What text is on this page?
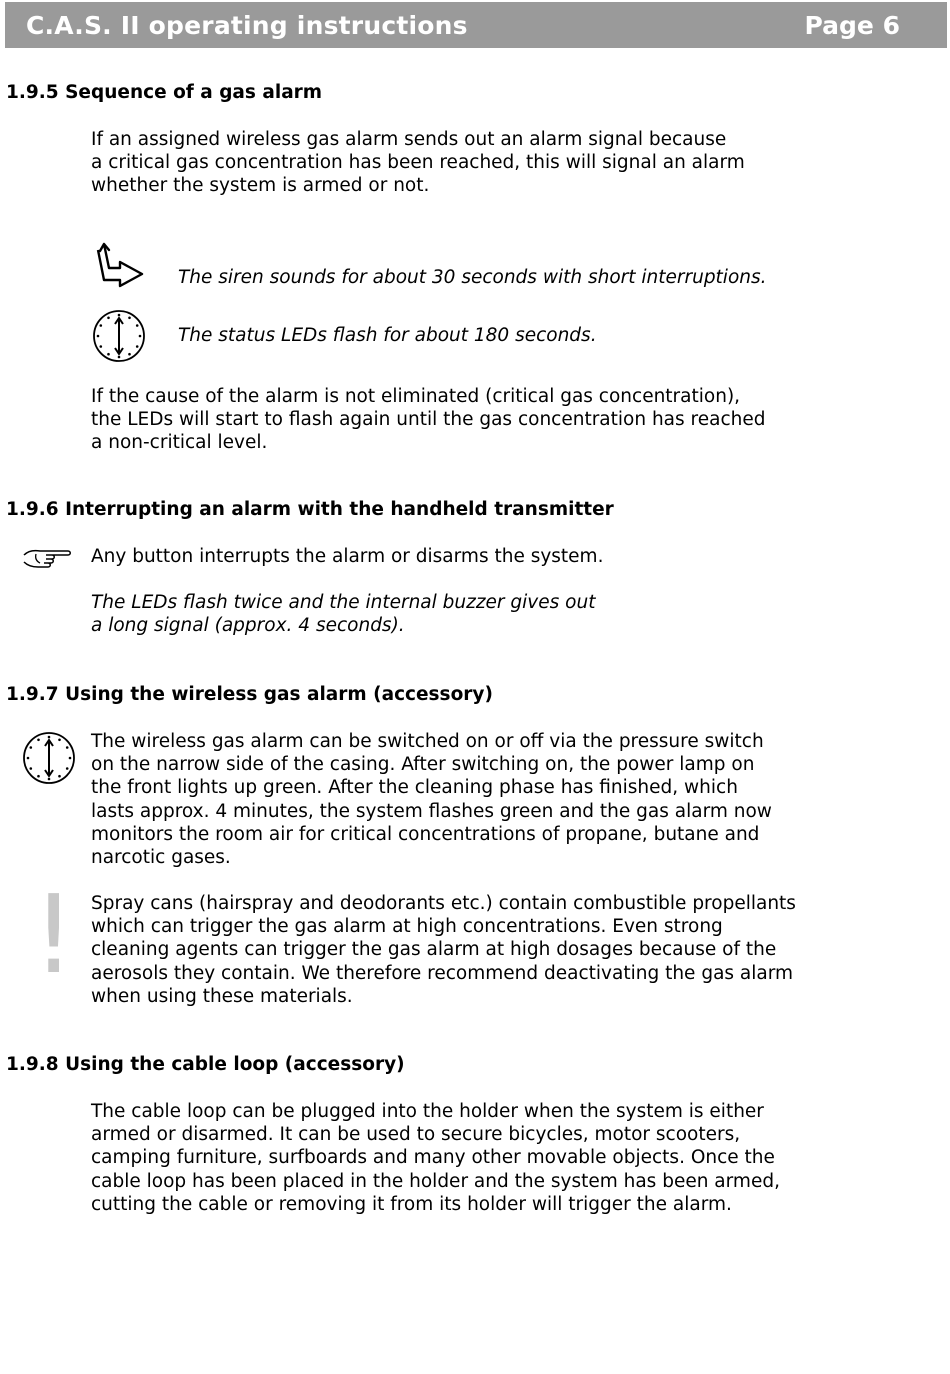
C.A.S. II operating instructions	Page 6
1.9.5 Sequence of a gas alarm
If an assigned wireless gas alarm sends out an alarm signal because
a critical gas concentration has been reached, this will signal an alarm
whether the system is armed or not.
The siren sounds for about 30 seconds with short interruptions.
The status LEDs flash for about 180 seconds.
If the cause of the alarm is not eliminated (critical gas concentration),
the LEDs will start to flash again until the gas concentration has reached
a non-critical level.
1.9.6 Interrupting an alarm with the handheld transmitter
Any button interrupts the alarm or disarms the system.
The LEDs flash twice and the internal buzzer gives out
a long signal (approx. 4 seconds).
1.9.7 Using the wireless gas alarm (accessory)
The wireless gas alarm can be switched on or off via the pressure switch
on the narrow side of the casing. After switching on, the power lamp on
the front lights up green. After the cleaning phase has finished, which
lasts approx. 4 minutes, the system flashes green and the gas alarm now
monitors the room air for critical concentrations of propane, butane and
narcotic gases.
! Spray cans (hairspray and deodorants etc.) contain combustible propellants
which can trigger the gas alarm at high concentrations. Even strong
cleaning agents can trigger the gas alarm at high dosages because of the
aerosols they contain. We therefore recommend deactivating the gas alarm
when using these materials.
1.9.8 Using the cable loop (accessory)
The cable loop can be plugged into the holder when the system is either
armed or disarmed. It can be used to secure bicycles, motor scooters,
camping furniture, surfboards and many other movable objects. Once the
cable loop has been placed in the holder and the system has been armed,
cutting the cable or removing it from its holder will trigger the alarm.
